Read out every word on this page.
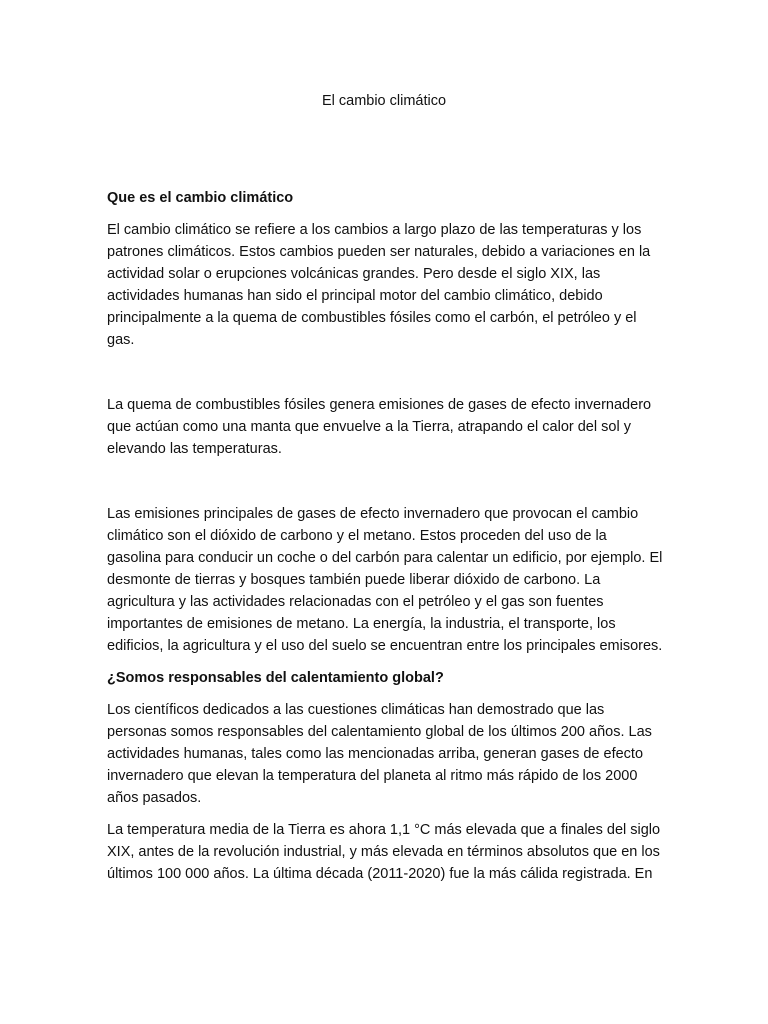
El cambio climático
Que es el cambio climático

El cambio climático se refiere a los cambios a largo plazo de las temperaturas y los patrones climáticos. Estos cambios pueden ser naturales, debido a variaciones en la actividad solar o erupciones volcánicas grandes. Pero desde el siglo XIX, las actividades humanas han sido el principal motor del cambio climático, debido principalmente a la quema de combustibles fósiles como el carbón, el petróleo y el gas.

La quema de combustibles fósiles genera emisiones de gases de efecto invernadero que actúan como una manta que envuelve a la Tierra, atrapando el calor del sol y elevando las temperaturas.

Las emisiones principales de gases de efecto invernadero que provocan el cambio climático son el dióxido de carbono y el metano. Estos proceden del uso de la gasolina para conducir un coche o del carbón para calentar un edificio, por ejemplo. El desmonte de tierras y bosques también puede liberar dióxido de carbono. La agricultura y las actividades relacionadas con el petróleo y el gas son fuentes importantes de emisiones de metano. La energía, la industria, el transporte, los edificios, la agricultura y el uso del suelo se encuentran entre los principales emisores.

¿Somos responsables del calentamiento global?

Los científicos dedicados a las cuestiones climáticas han demostrado que las personas somos responsables del calentamiento global de los últimos 200 años. Las actividades humanas, tales como las mencionadas arriba, generan gases de efecto invernadero que elevan la temperatura del planeta al ritmo más rápido de los 2000 años pasados.

La temperatura media de la Tierra es ahora 1,1 °C más elevada que a finales del siglo XIX, antes de la revolución industrial, y más elevada en términos absolutos que en los últimos 100 000 años. La última década (2011-2020) fue la más cálida registrada. En
